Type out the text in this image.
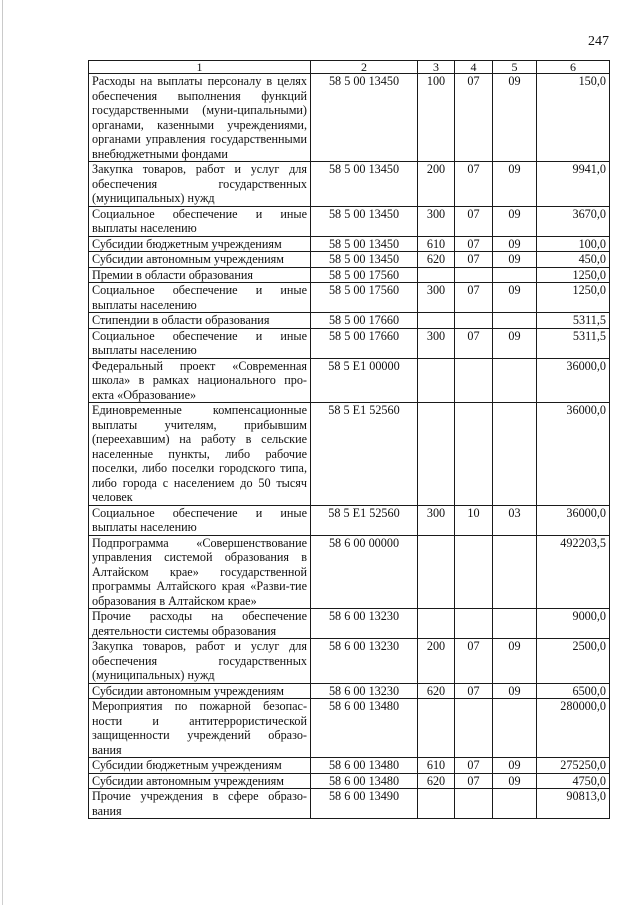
247
1	2	3	4	5	6
Расходы на выплаты персоналу в целях обеспечения выполнения функций государственными (муни-ципальными) органами, казенными учреждениями, органами управления государственными внебюджетными фондами	58 5 00 13450	100	07	09	150,0
Закупка товаров, работ и услуг для обеспечения государственных (муниципальных) нужд	58 5 00 13450	200	07	09	9941,0
Социальное обеспечение и иные выплаты населению	58 5 00 13450	300	07	09	3670,0
Субсидии бюджетным учреждениям	58 5 00 13450	610	07	09	100,0
Субсидии автономным учреждениям	58 5 00 13450	620	07	09	450,0
Премии в области образования	58 5 00 17560				1250,0
Социальное обеспечение и иные выплаты населению	58 5 00 17560	300	07	09	1250,0
Стипендии в области образования	58 5 00 17660				5311,5
Социальное обеспечение и иные выплаты населению	58 5 00 17660	300	07	09	5311,5
Федеральный проект «Современная школа» в рамках национального про-екта «Образование»	58 5 E1 00000				36000,0
Единовременные компенсационные выплаты учителям, прибывшим (переехавшим) на работу в сельские населенные пункты, либо рабочие поселки, либо поселки городского типа, либо города с населением до 50 тысяч человек	58 5 E1 52560				36000,0
Социальное обеспечение и иные выплаты населению	58 5 E1 52560	300	10	03	36000,0
Подпрограмма «Совершенствование управления системой образования в Алтайском крае» государственной программы Алтайского края «Разви-тие образования в Алтайском крае»	58 6 00 00000				492203,5
Прочие расходы на обеспечение деятельности системы образования	58 6 00 13230				9000,0
Закупка товаров, работ и услуг для обеспечения государственных (муниципальных) нужд	58 6 00 13230	200	07	09	2500,0
Субсидии автономным учреждениям	58 6 00 13230	620	07	09	6500,0
Мероприятия по пожарной безопас-ности и антитеррористической защищенности учреждений образо-вания	58 6 00 13480				280000,0
Субсидии бюджетным учреждениям	58 6 00 13480	610	07	09	275250,0
Субсидии автономным учреждениям	58 6 00 13480	620	07	09	4750,0
Прочие учреждения в сфере образо-вания	58 6 00 13490				90813,0
